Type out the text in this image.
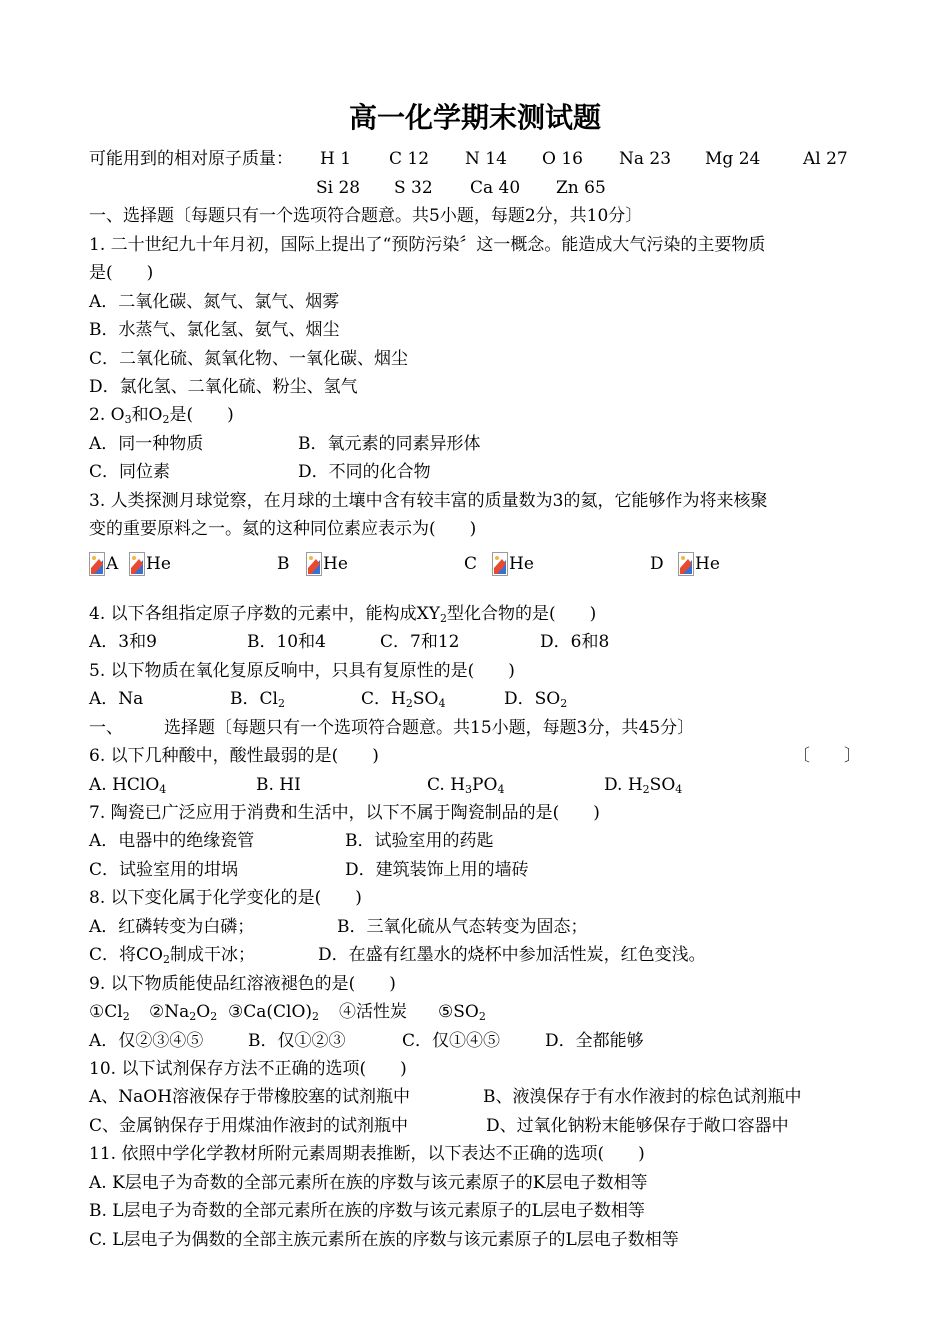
高一化学期末测试题
可能用到的相对原子质量： H 1 C 12 N 14 O 16 Na 23 Mg 24	Al 27
Si 28 S 32 Ca 40 Zn 65
一、选择题〔每题只有一个选项符合题意。共5小题，每题2分，共10分〕
1. 二十世纪九十年月初，国际上提出了“预防污染〞这一概念。能造成大气污染的主要物质
是(　　)
A．二氧化碳、氮气、氯气、烟雾
B．水蒸气、氯化氢、氨气、烟尘
C．二氧化硫、氮氧化物、一氧化碳、烟尘
D．氯化氢、二氧化硫、粉尘、氢气
2. $O_3$和$O_2$是(　　)
A．同一种物质	B．氧元素的同素异形体
C．同位素	D．不同的化合物
3. 人类探测月球觉察，在月球的土壤中含有较丰富的质量数为3的氦，它能够作为将来核聚
变的重要原料之一。氦的这种同位素应表示为(　　)
A He	B He	C He	D He
4. 以下各组指定原子序数的元素中，能构成$XY_2$型化合物的是(　　)
A．3和9	B．10和4	C．7和12	D．6和8
5. 以下物质在氧化复原反响中，只具有复原性的是(　　)
A．Na	B．$Cl_2$	C．$H_2SO_4$	D．$SO_2$
一、 选择题〔每题只有一个选项符合题意。共15小题，每题3分，共45分〕
6. 以下几种酸中，酸性最弱的是(　　)	〔　　〕
A. HClO$_4$	B. HI	C. $H_3PO_4$	D. $H_2SO_4$
7. 陶瓷已广泛应用于消费和生活中，以下不属于陶瓷制品的是(　　)
A．电器中的绝缘瓷管	B．试验室用的药匙
C．试验室用的坩埚	D．建筑装饰上用的墙砖
8. 以下变化属于化学变化的是(　　)
A．红磷转变为白磷；	B．三氧化硫从气态转变为固态；
C．将$CO_2$制成干冰；	D．在盛有红墨水的烧杯中参加活性炭，红色变浅。
9. 以下物质能使品红溶液褪色的是(　　)
$①Cl_2$ $②Na_2O_2$ $③Ca(ClO)_2$ ④活性炭 $⑤SO_2$
A．仅②③④⑤	B．仅①②③	C．仅①④⑤	D．全都能够
10. 以下试剂保存方法不正确的选项(　　)
A、NaOH溶液保存于带橡胶塞的试剂瓶中	B、液溴保存于有水作液封的棕色试剂瓶中
C、金属钠保存于用煤油作液封的试剂瓶中	D、过氧化钠粉末能够保存于敞口容器中
11. 依照中学化学教材所附元素周期表推断，以下表达不正确的选项(　　)
A. K层电子为奇数的全部元素所在族的序数与该元素原子的K层电子数相等
B. L层电子为奇数的全部元素所在族的序数与该元素原子的L层电子数相等
C. L层电子为偶数的全部主族元素所在族的序数与该元素原子的L层电子数相等
